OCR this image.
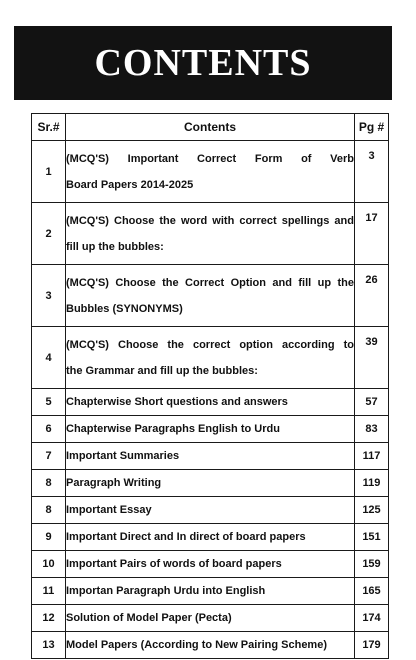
CONTENTS
Sr.#	Contents	Pg #
1	(MCQ'S) Important Correct Form of Verb
Board Papers 2014-2025	3
2	(MCQ'S) Choose the word with correct spellings and
fill up the bubbles:	17
3	(MCQ'S) Choose the Correct Option and fill up the
Bubbles (SYNONYMS)	26
4	(MCQ'S) Choose the correct option according to
the Grammar and fill up the bubbles:	39
5	Chapterwise Short questions and answers	57
6	Chapterwise Paragraphs English to Urdu	83
7	Important Summaries	117
8	Paragraph Writing	119
8	Important Essay	125
9	Important Direct and In direct of board papers	151
10	Important Pairs of words of board papers	159
11	Importan Paragraph Urdu into English	165
12	Solution of Model Paper (Pecta)	174
13	Model Papers (According to New Pairing Scheme)	179
